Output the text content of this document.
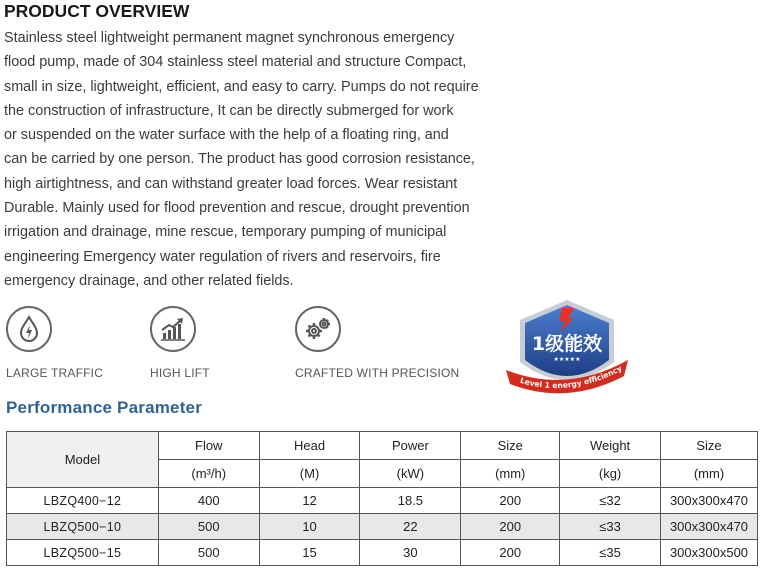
PRODUCT OVERVIEW
Stainless steel lightweight permanent magnet synchronous emergency
flood pump, made of 304 stainless steel material and structure Compact,
small in size, lightweight, efficient, and easy to carry. Pumps do not require
the construction of infrastructure, It can be directly submerged for work
or suspended on the water surface with the help of a floating ring, and
can be carried by one person. The product has good corrosion resistance,
high airtightness, and can withstand greater load forces. Wear resistant
Durable. Mainly used for flood prevention and rescue, drought prevention
irrigation and drainage, mine rescue, temporary pumping of municipal
engineering Emergency water regulation of rivers and reservoirs, fire
emergency drainage, and other related fields.
LARGE TRAFFIC	HIGH LIFT	CRAFTED WITH PRECISION
1级能效
★★★★★
Level 1 energy efficiency
Performance Parameter
Model	Flow	Head	Power	Size	Weight	Size
	(m³/h)	(M)	(kW)	(mm)	(kg)	(mm)
LBZQ400−12	400	12	18.5	200	≤32	300x300x470
LBZQ500−10	500	10	22	200	≤33	300x300x470
LBZQ500−15	500	15	30	200	≤35	300x300x500
